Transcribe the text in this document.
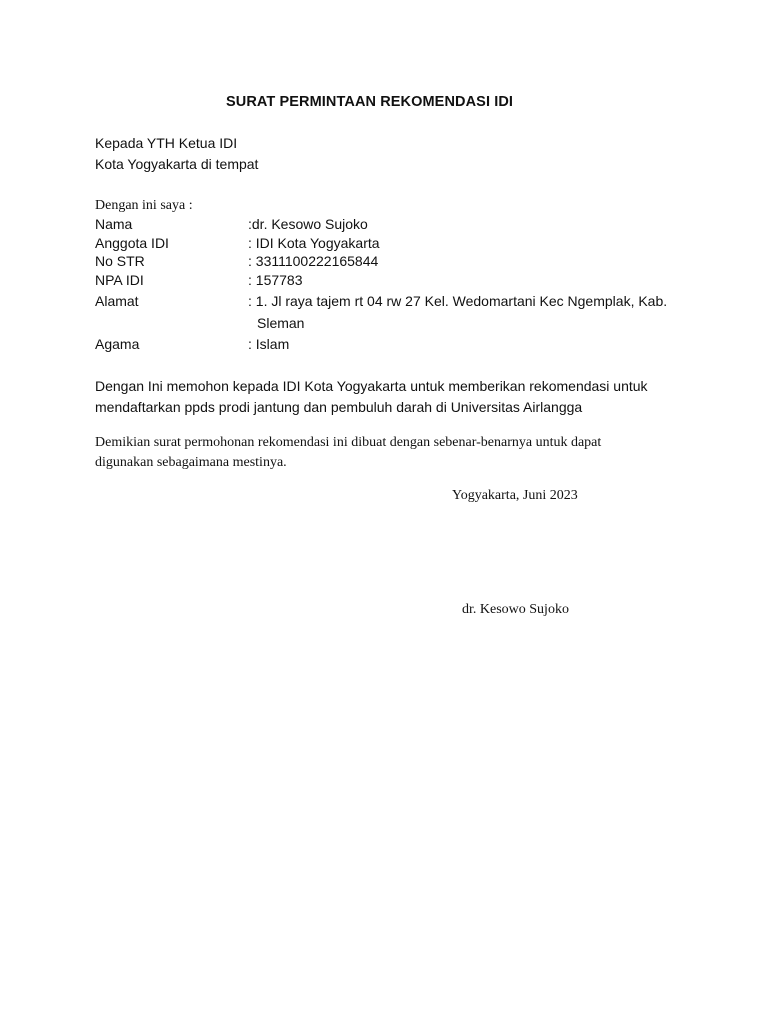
SURAT PERMINTAAN REKOMENDASI IDI
Kepada YTH Ketua IDI
Kota Yogyakarta di tempat
Dengan ini saya :
Nama	:dr. Kesowo Sujoko
Anggota IDI	: IDI Kota Yogyakarta
No STR	: 3311100222165844
NPA IDI	: 157783
Alamat	: 1. Jl raya tajem rt 04 rw 27 Kel. Wedomartani Kec Ngemplak, Kab.
Sleman
Agama	: Islam
Dengan Ini memohon kepada IDI Kota Yogyakarta untuk memberikan rekomendasi untuk
mendaftarkan ppds prodi jantung dan pembuluh darah di Universitas Airlangga
Demikian surat permohonan rekomendasi ini dibuat dengan sebenar-benarnya untuk dapat
digunakan sebagaimana mestinya.
Yogyakarta, Juni 2023
dr. Kesowo Sujoko
